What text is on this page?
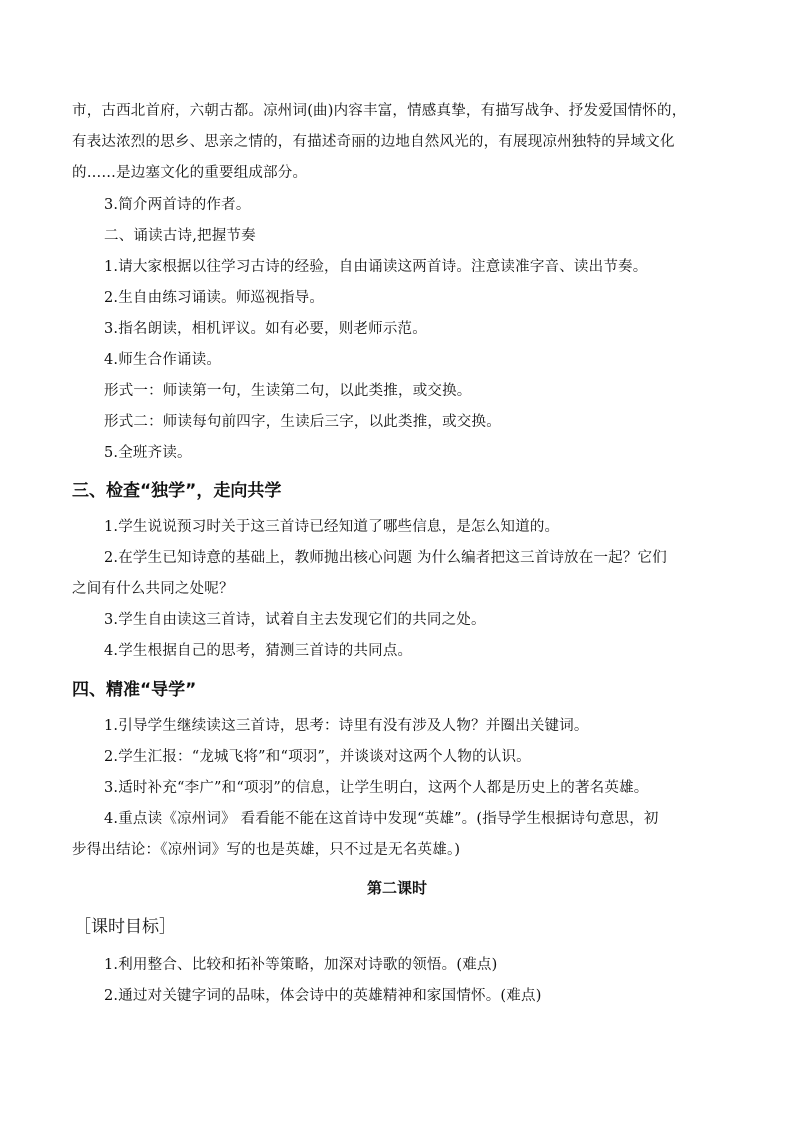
市，古西北首府，六朝古都。凉州词(曲)内容丰富，情感真挚，有描写战争、抒发爱国情怀的，
有表达浓烈的思乡、思亲之情的，有描述奇丽的边地自然风光的，有展现凉州独特的异域文化
的……是边塞文化的重要组成部分。
3.简介两首诗的作者。
二、诵读古诗,把握节奏
1.请大家根据以往学习古诗的经验，自由诵读这两首诗。注意读准字音、读出节奏。
2.生自由练习诵读。师巡视指导。
3.指名朗读，相机评议。如有必要，则老师示范。
4.师生合作诵读。
形式一：师读第一句，生读第二句，以此类推，或交换。
形式二：师读每句前四字，生读后三字，以此类推，或交换。
5.全班齐读。
三、检查“独学”，走向共学
1.学生说说预习时关于这三首诗已经知道了哪些信息，是怎么知道的。
2.在学生已知诗意的基础上，教师抛出核心问题 为什么编者把这三首诗放在一起？它们
之间有什么共同之处呢？
3.学生自由读这三首诗，试着自主去发现它们的共同之处。
4.学生根据自己的思考，猜测三首诗的共同点。
四、精准“导学”
1.引导学生继续读这三首诗，思考：诗里有没有涉及人物？并圈出关键词。
2.学生汇报：“龙城飞将”和“项羽”，并谈谈对这两个人物的认识。
3.适时补充“李广”和“项羽”的信息，让学生明白，这两个人都是历史上的著名英雄。
4.重点读《凉州词》 看看能不能在这首诗中发现“英雄”。(指导学生根据诗句意思，初
步得出结论：《凉州词》写的也是英雄，只不过是无名英雄。)
第二课时
［课时目标］
1.利用整合、比较和拓补等策略，加深对诗歌的领悟。(难点)
2.通过对关键字词的品味，体会诗中的英雄精神和家国情怀。(难点)
